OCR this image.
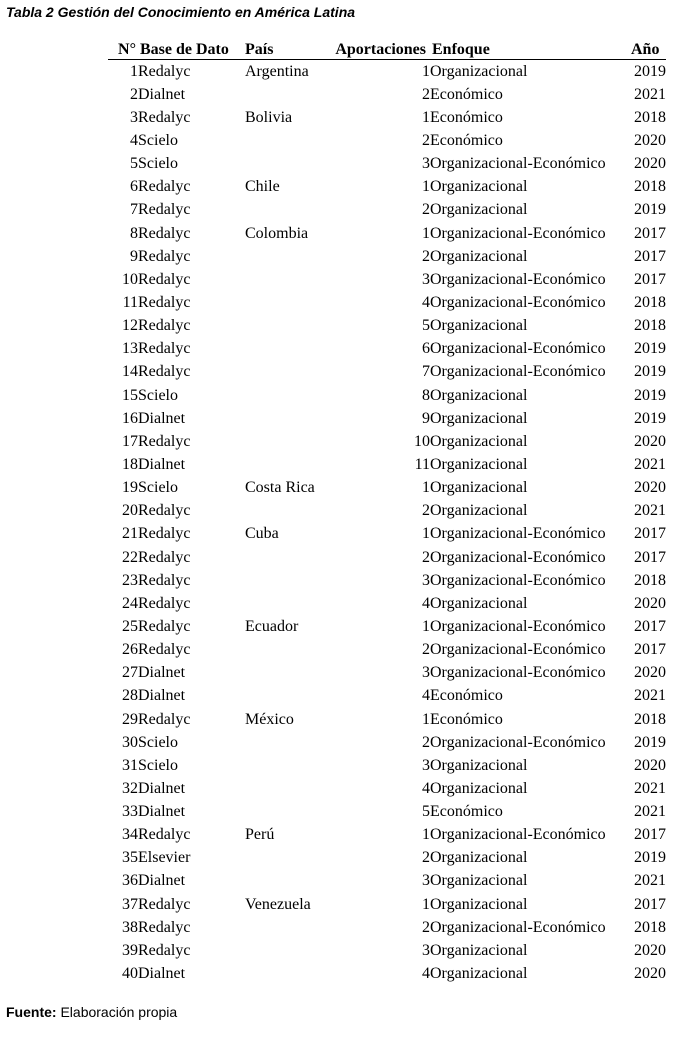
Tabla 2 Gestión del Conocimiento en América Latina
N°	Base de Dato	País	Aportaciones	Enfoque	Año
1	Redalyc	Argentina	1	Organizacional	2019
2	Dialnet		2	Económico	2021
3	Redalyc	Bolivia	1	Económico	2018
4	Scielo		2	Económico	2020
5	Scielo		3	Organizacional-Económico	2020
6	Redalyc	Chile	1	Organizacional	2018
7	Redalyc		2	Organizacional	2019
8	Redalyc	Colombia	1	Organizacional-Económico	2017
9	Redalyc		2	Organizacional	2017
10	Redalyc		3	Organizacional-Económico	2017
11	Redalyc		4	Organizacional-Económico	2018
12	Redalyc		5	Organizacional	2018
13	Redalyc		6	Organizacional-Económico	2019
14	Redalyc		7	Organizacional-Económico	2019
15	Scielo		8	Organizacional	2019
16	Dialnet		9	Organizacional	2019
17	Redalyc		10	Organizacional	2020
18	Dialnet		11	Organizacional	2021
19	Scielo	Costa Rica	1	Organizacional	2020
20	Redalyc		2	Organizacional	2021
21	Redalyc	Cuba	1	Organizacional-Económico	2017
22	Redalyc		2	Organizacional-Económico	2017
23	Redalyc		3	Organizacional-Económico	2018
24	Redalyc		4	Organizacional	2020
25	Redalyc	Ecuador	1	Organizacional-Económico	2017
26	Redalyc		2	Organizacional-Económico	2017
27	Dialnet		3	Organizacional-Económico	2020
28	Dialnet		4	Económico	2021
29	Redalyc	México	1	Económico	2018
30	Scielo		2	Organizacional-Económico	2019
31	Scielo		3	Organizacional	2020
32	Dialnet		4	Organizacional	2021
33	Dialnet		5	Económico	2021
34	Redalyc	Perú	1	Organizacional-Económico	2017
35	Elsevier		2	Organizacional	2019
36	Dialnet		3	Organizacional	2021
37	Redalyc	Venezuela	1	Organizacional	2017
38	Redalyc		2	Organizacional-Económico	2018
39	Redalyc		3	Organizacional	2020
40	Dialnet		4	Organizacional	2020
Fuente: Elaboración propia
